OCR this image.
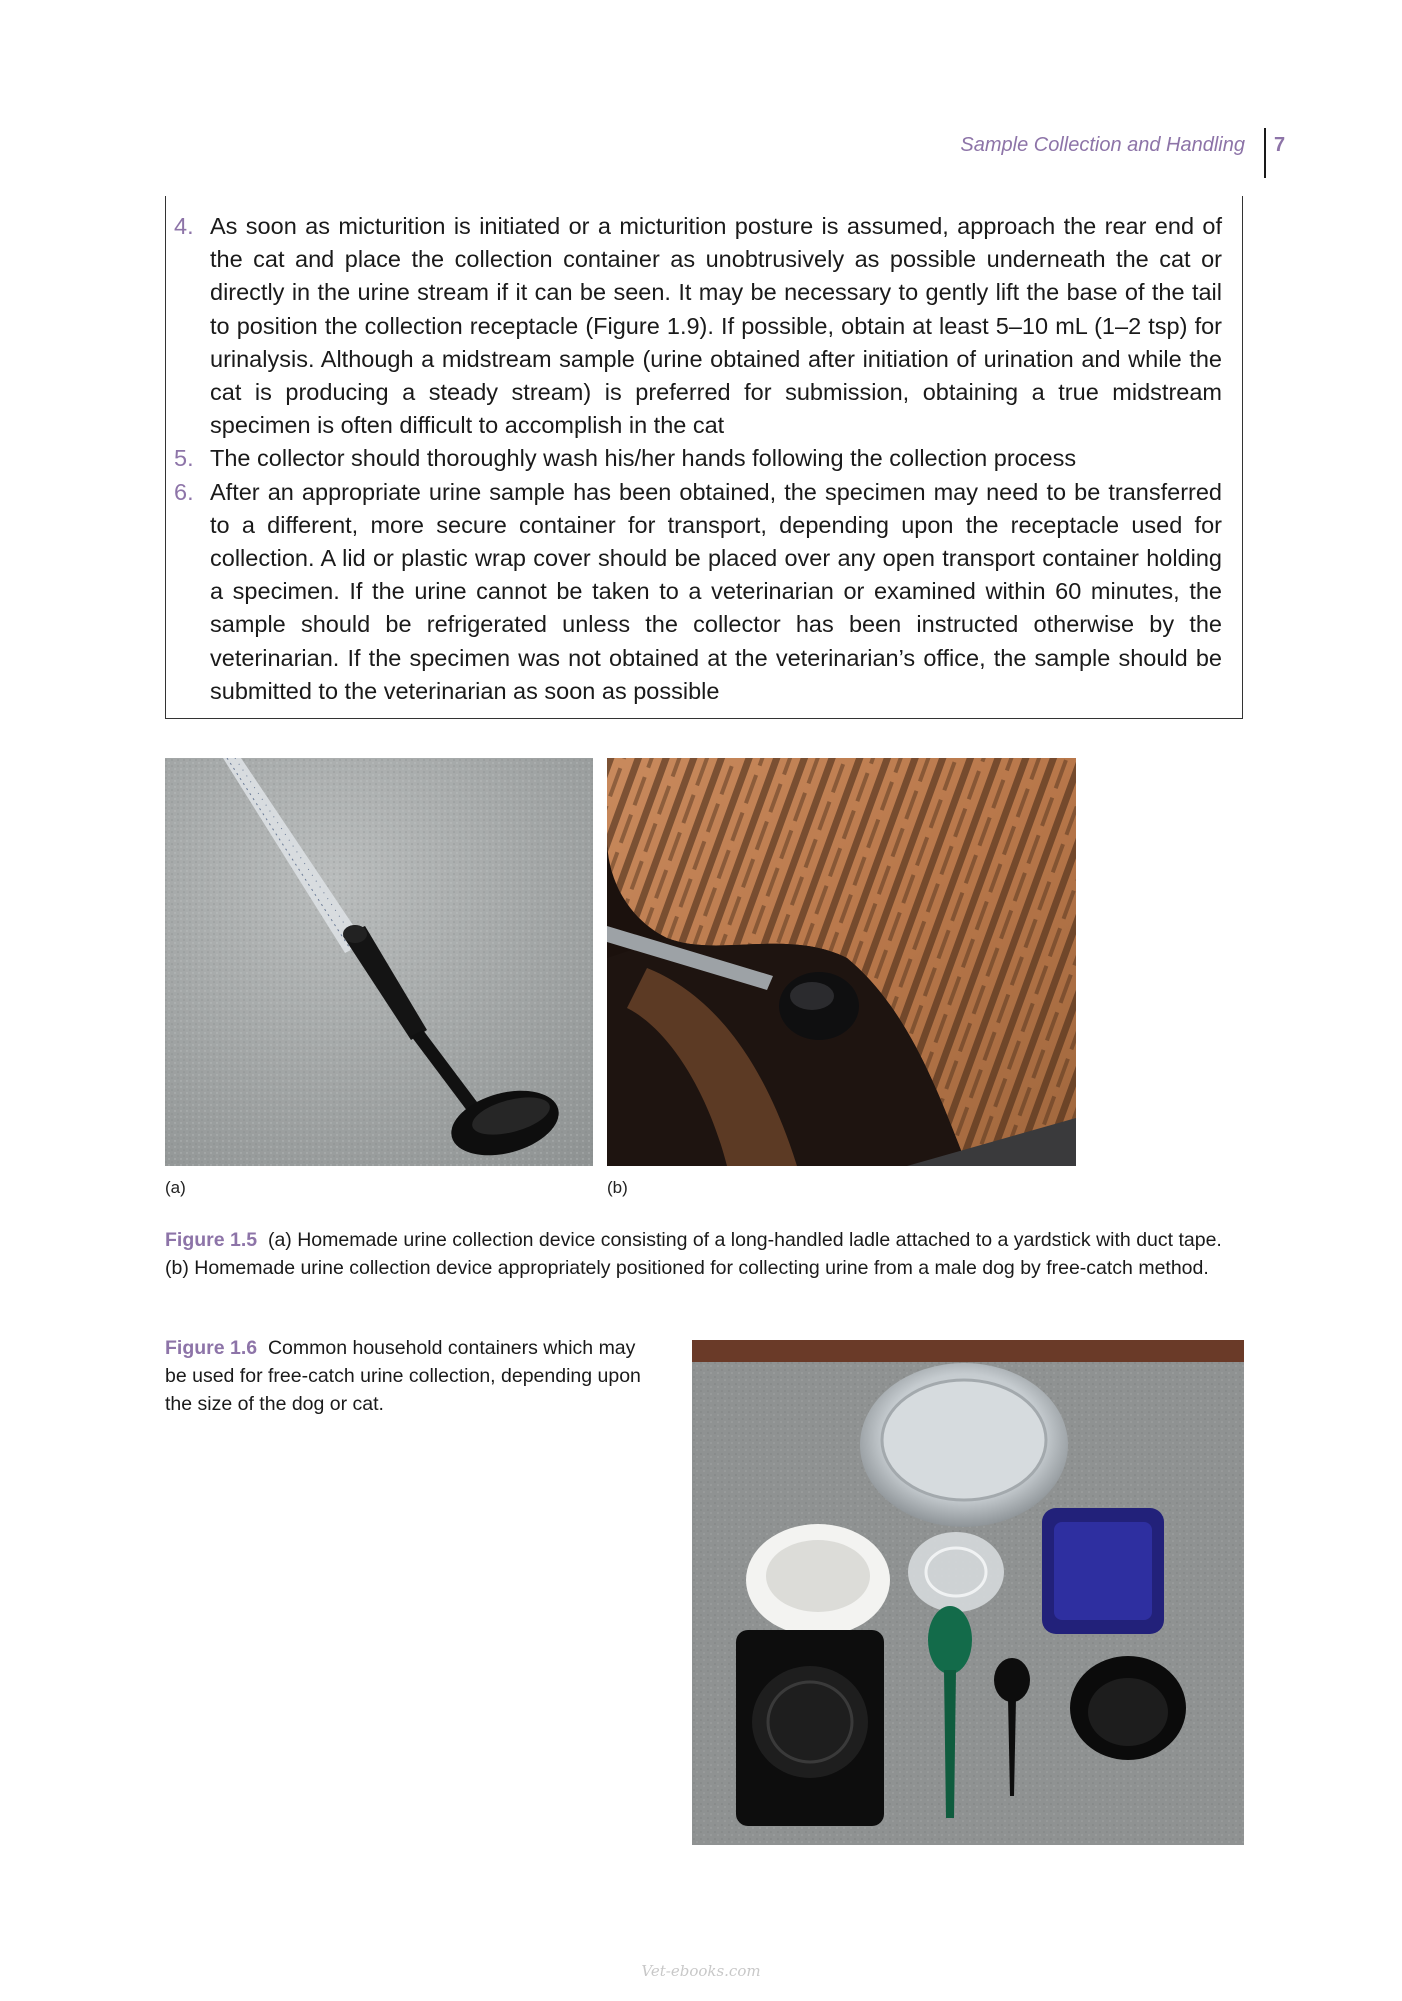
Sample Collection and Handling 7
4. As soon as micturition is initiated or a micturition posture is assumed, approach the rear end of the cat and place the collection container as unobtrusively as possible underneath the cat or directly in the urine stream if it can be seen. It may be necessary to gently lift the base of the tail to position the collection receptacle (Figure 1.9). If possible, obtain at least 5–10 mL (1–2 tsp) for urinalysis. Although a midstream sample (urine obtained after initiation of urination and while the cat is producing a steady stream) is preferred for submission, obtaining a true midstream specimen is often difficult to accomplish in the cat
5. The collector should thoroughly wash his/her hands following the collection process
6. After an appropriate urine sample has been obtained, the specimen may need to be transferred to a different, more secure container for transport, depending upon the receptacle used for collection. A lid or plastic wrap cover should be placed over any open transport container holding a specimen. If the urine cannot be taken to a veterinarian or examined within 60 minutes, the sample should be refrigerated unless the collector has been instructed otherwise by the veterinarian. If the specimen was not obtained at the veterinarian’s office, the sample should be submitted to the veterinarian as soon as possible
(a)	(b)
Figure 1.5 (a) Homemade urine collection device consisting of a long-handled ladle attached to a yardstick with duct tape. (b) Homemade urine collection device appropriately positioned for collecting urine from a male dog by free-catch method.
Figure 1.6 Common household containers which may be used for free-catch urine collection, depending upon the size of the dog or cat.
Vet-ebooks.com
